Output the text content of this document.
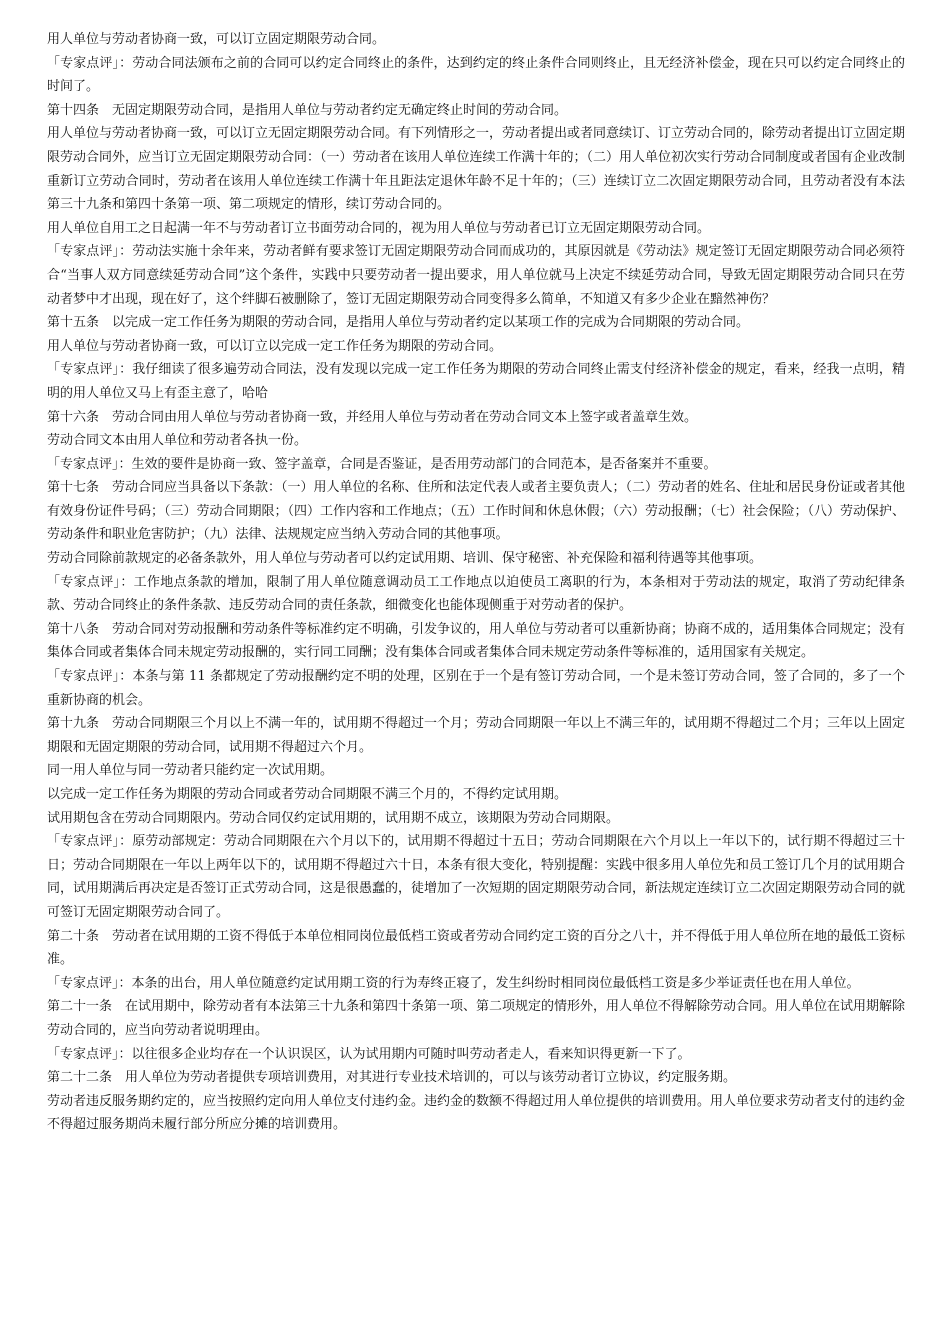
用人单位与劳动者协商一致，可以订立固定期限劳动合同。

「专家点评」：劳动合同法颁布之前的合同可以约定合同终止的条件，达到约定的终止条件合同则终止，且无经济补偿金，现在只可以约定合同终止的时间了。

第十四条　无固定期限劳动合同，是指用人单位与劳动者约定无确定终止时间的劳动合同。

用人单位与劳动者协商一致，可以订立无固定期限劳动合同。有下列情形之一，劳动者提出或者同意续订、订立劳动合同的，除劳动者提出订立固定期限劳动合同外，应当订立无固定期限劳动合同：（一）劳动者在该用人单位连续工作满十年的；（二）用人单位初次实行劳动合同制度或者国有企业改制重新订立劳动合同时，劳动者在该用人单位连续工作满十年且距法定退休年龄不足十年的；（三）连续订立二次固定期限劳动合同，且劳动者没有本法第三十九条和第四十条第一项、第二项规定的情形，续订劳动合同的。

用人单位自用工之日起满一年不与劳动者订立书面劳动合同的，视为用人单位与劳动者已订立无固定期限劳动合同。

「专家点评」：劳动法实施十余年来，劳动者鲜有要求签订无固定期限劳动合同而成功的，其原因就是《劳动法》规定签订无固定期限劳动合同必须符合“当事人双方同意续延劳动合同”这个条件，实践中只要劳动者一提出要求，用人单位就马上决定不续延劳动合同，导致无固定期限劳动合同只在劳动者梦中才出现，现在好了，这个绊脚石被删除了，签订无固定期限劳动合同变得多么简单，不知道又有多少企业在黯然神伤？

第十五条　以完成一定工作任务为期限的劳动合同，是指用人单位与劳动者约定以某项工作的完成为合同期限的劳动合同。

用人单位与劳动者协商一致，可以订立以完成一定工作任务为期限的劳动合同。

「专家点评」：我仔细读了很多遍劳动合同法，没有发现以完成一定工作任务为期限的劳动合同终止需支付经济补偿金的规定，看来，经我一点明，精明的用人单位又马上有歪主意了，哈哈

第十六条　劳动合同由用人单位与劳动者协商一致，并经用人单位与劳动者在劳动合同文本上签字或者盖章生效。

劳动合同文本由用人单位和劳动者各执一份。

「专家点评」：生效的要件是协商一致、签字盖章，合同是否鉴证，是否用劳动部门的合同范本，是否备案并不重要。

第十七条　劳动合同应当具备以下条款：（一）用人单位的名称、住所和法定代表人或者主要负责人；（二）劳动者的姓名、住址和居民身份证或者其他有效身份证件号码；（三）劳动合同期限；（四）工作内容和工作地点；（五）工作时间和休息休假；（六）劳动报酬；（七）社会保险；（八）劳动保护、劳动条件和职业危害防护；（九）法律、法规规定应当纳入劳动合同的其他事项。

劳动合同除前款规定的必备条款外，用人单位与劳动者可以约定试用期、培训、保守秘密、补充保险和福利待遇等其他事项。

「专家点评」：工作地点条款的增加，限制了用人单位随意调动员工工作地点以迫使员工离职的行为，本条相对于劳动法的规定，取消了劳动纪律条款、劳动合同终止的条件条款、违反劳动合同的责任条款，细微变化也能体现侧重于对劳动者的保护。

第十八条　劳动合同对劳动报酬和劳动条件等标准约定不明确，引发争议的，用人单位与劳动者可以重新协商；协商不成的，适用集体合同规定；没有集体合同或者集体合同未规定劳动报酬的，实行同工同酬；没有集体合同或者集体合同未规定劳动条件等标准的，适用国家有关规定。

「专家点评」：本条与第 11 条都规定了劳动报酬约定不明的处理，区别在于一个是有签订劳动合同，一个是未签订劳动合同，签了合同的，多了一个重新协商的机会。

第十九条　劳动合同期限三个月以上不满一年的，试用期不得超过一个月；劳动合同期限一年以上不满三年的，试用期不得超过二个月；三年以上固定期限和无固定期限的劳动合同，试用期不得超过六个月。

同一用人单位与同一劳动者只能约定一次试用期。

以完成一定工作任务为期限的劳动合同或者劳动合同期限不满三个月的，不得约定试用期。

试用期包含在劳动合同期限内。劳动合同仅约定试用期的，试用期不成立，该期限为劳动合同期限。

「专家点评」：原劳动部规定：劳动合同期限在六个月以下的，试用期不得超过十五日；劳动合同期限在六个月以上一年以下的，试行期不得超过三十日；劳动合同期限在一年以上两年以下的，试用期不得超过六十日，本条有很大变化，特别提醒：实践中很多用人单位先和员工签订几个月的试用期合同，试用期满后再决定是否签订正式劳动合同，这是很愚蠢的，徒增加了一次短期的固定期限劳动合同，新法规定连续订立二次固定期限劳动合同的就可签订无固定期限劳动合同了。

第二十条　劳动者在试用期的工资不得低于本单位相同岗位最低档工资或者劳动合同约定工资的百分之八十，并不得低于用人单位所在地的最低工资标准。

「专家点评」：本条的出台，用人单位随意约定试用期工资的行为寿终正寝了，发生纠纷时相同岗位最低档工资是多少举证责任也在用人单位。

第二十一条　在试用期中，除劳动者有本法第三十九条和第四十条第一项、第二项规定的情形外，用人单位不得解除劳动合同。用人单位在试用期解除劳动合同的，应当向劳动者说明理由。

「专家点评」：以往很多企业均存在一个认识误区，认为试用期内可随时叫劳动者走人，看来知识得更新一下了。

第二十二条　用人单位为劳动者提供专项培训费用，对其进行专业技术培训的，可以与该劳动者订立协议，约定服务期。

劳动者违反服务期约定的，应当按照约定向用人单位支付违约金。违约金的数额不得超过用人单位提供的培训费用。用人单位要求劳动者支付的违约金不得超过服务期尚未履行部分所应分摊的培训费用。
